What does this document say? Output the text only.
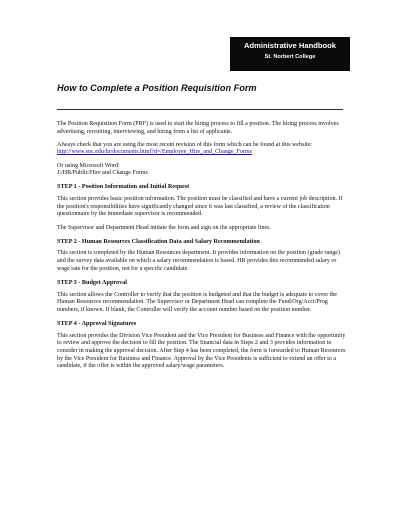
Administrative Handbook
St. Norbert College
How to Complete a Position Requisition Form

The Position Requisition Form (PRF) is used to start the hiring process to fill a position. The hiring process involves advertising, recruiting, interviewing, and hiring from a list of applicants.

Always check that you are using the most recent revision of this form which can be found at this website:
http://www.snc.edu/hr/documents.html?d=/Employee_Hire_and_Change_Forms

Or using Microsoft Word:
J:/HR/Public/Hire and Change Forms

STEP 1 - Position Information and Initial Request

This section provides basic position information. The position must be classified and have a current job description. If the position's responsibilities have significantly changed since it was last classified, a review of the classification questionnaire by the immediate supervisor is recommended.

The Supervisor and Department Head initiate the form and sign on the appropriate lines.

STEP 2 - Human Resources Classification Data and Salary Recommendation

This section is completed by the Human Resources department. It provides information on the position (grade range) and the survey data available on which a salary recommendation is based. HR provides this recommended salary or wage rate for the position, not for a specific candidate.

STEP 3 - Budget Approval

This section allows the Controller to verify that the position is budgeted and that the budget is adequate to cover the Human Resources recommendation. The Supervisor or Department Head can complete the Fund/Org/Acct/Prog numbers, if known. If blank, the Controller will verify the account number based on the position number.

STEP 4 - Approval Signatures

This section provides the Division Vice President and the Vice President for Business and Finance with the opportunity to review and approve the decision to fill the position. The financial data in Steps 2 and 3 provides information to consider in making the approval decision. After Step 4 has been completed, the form is forwarded to Human Resources by the Vice President for Business and Finance. Approval by the Vice Presidents is sufficient to extend an offer to a candidate, if the offer is within the approved salary/wage parameters.
